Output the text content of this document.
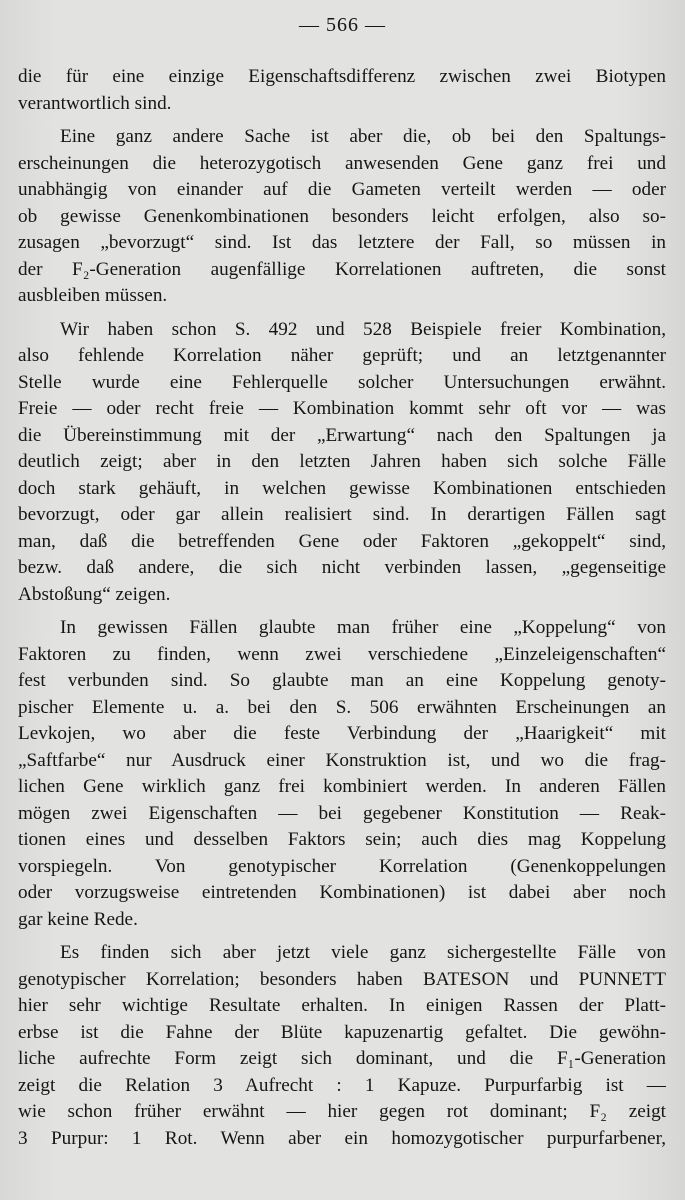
— 566 —
die für eine einzige Eigenschaftsdifferenz zwischen zwei Biotypen
verantwortlich sind.
Eine ganz andere Sache ist aber die, ob bei den Spaltungs-
erscheinungen die heterozygotisch anwesenden Gene ganz frei und
unabhängig von einander auf die Gameten verteilt werden — oder
ob gewisse Genenkombinationen besonders leicht erfolgen, also so-
zusagen „bevorzugt“ sind. Ist das letztere der Fall, so müssen in
der F₂-Generation augenfällige Korrelationen auftreten, die sonst
ausbleiben müssen.
Wir haben schon S. 492 und 528 Beispiele freier Kombination,
also fehlende Korrelation näher geprüft; und an letztgenannter
Stelle wurde eine Fehlerquelle solcher Untersuchungen erwähnt.
Freie — oder recht freie — Kombination kommt sehr oft vor — was
die Übereinstimmung mit der „Erwartung“ nach den Spaltungen ja
deutlich zeigt; aber in den letzten Jahren haben sich solche Fälle
doch stark gehäuft, in welchen gewisse Kombinationen entschieden
bevorzugt, oder gar allein realisiert sind. In derartigen Fällen sagt
man, daß die betreffenden Gene oder Faktoren „gekoppelt“ sind,
bezw. daß andere, die sich nicht verbinden lassen, „gegenseitige
Abstoßung“ zeigen.
In gewissen Fällen glaubte man früher eine „Koppelung“ von
Faktoren zu finden, wenn zwei verschiedene „Einzeleigenschaften“
fest verbunden sind. So glaubte man an eine Koppelung genoty-
pischer Elemente u. a. bei den S. 506 erwähnten Erscheinungen an
Levkojen, wo aber die feste Verbindung der „Haarigkeit“ mit
„Saftfarbe“ nur Ausdruck einer Konstruktion ist, und wo die frag-
lichen Gene wirklich ganz frei kombiniert werden. In anderen Fällen
mögen zwei Eigenschaften — bei gegebener Konstitution — Reak-
tionen eines und desselben Faktors sein; auch dies mag Koppelung
vorspiegeln. Von genotypischer Korrelation (Genenkoppelungen
oder vorzugsweise eintretenden Kombinationen) ist dabei aber noch
gar keine Rede.
Es finden sich aber jetzt viele ganz sichergestellte Fälle von
genotypischer Korrelation; besonders haben BATESON und PUNNETT
hier sehr wichtige Resultate erhalten. In einigen Rassen der Platt-
erbse ist die Fahne der Blüte kapuzenartig gefaltet. Die gewöhn-
liche aufrechte Form zeigt sich dominant, und die F₁-Generation
zeigt die Relation 3 Aufrecht : 1 Kapuze. Purpurfarbig ist —
wie schon früher erwähnt — hier gegen rot dominant; F₂ zeigt
3 Purpur: 1 Rot. Wenn aber ein homozygotischer purpurfarbener,
